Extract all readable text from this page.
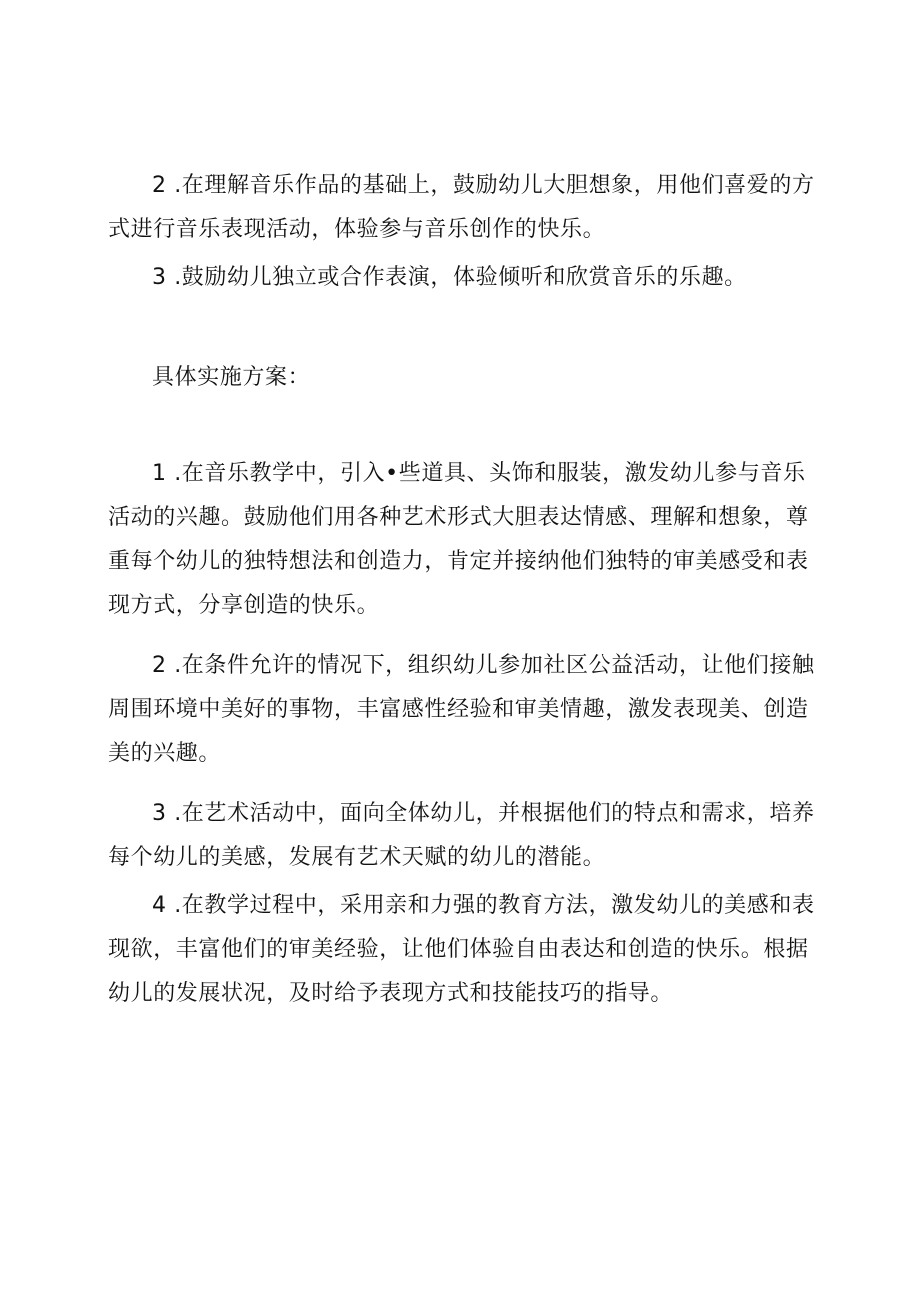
2 .在理解音乐作品的基础上，鼓励幼儿大胆想象，用他们喜爱的方式进行音乐表现活动，体验参与音乐创作的快乐。

3 .鼓励幼儿独立或合作表演，体验倾听和欣赏音乐的乐趣。

具体实施方案：

1 .在音乐教学中，引入•些道具、头饰和服装，激发幼儿参与音乐活动的兴趣。鼓励他们用各种艺术形式大胆表达情感、理解和想象，尊重每个幼儿的独特想法和创造力，肯定并接纳他们独特的审美感受和表现方式，分享创造的快乐。

2 .在条件允许的情况下，组织幼儿参加社区公益活动，让他们接触周围环境中美好的事物，丰富感性经验和审美情趣，激发表现美、创造美的兴趣。

3 .在艺术活动中，面向全体幼儿，并根据他们的特点和需求，培养每个幼儿的美感，发展有艺术天赋的幼儿的潜能。

4 .在教学过程中，采用亲和力强的教育方法，激发幼儿的美感和表现欲，丰富他们的审美经验，让他们体验自由表达和创造的快乐。根据幼儿的发展状况，及时给予表现方式和技能技巧的指导。
